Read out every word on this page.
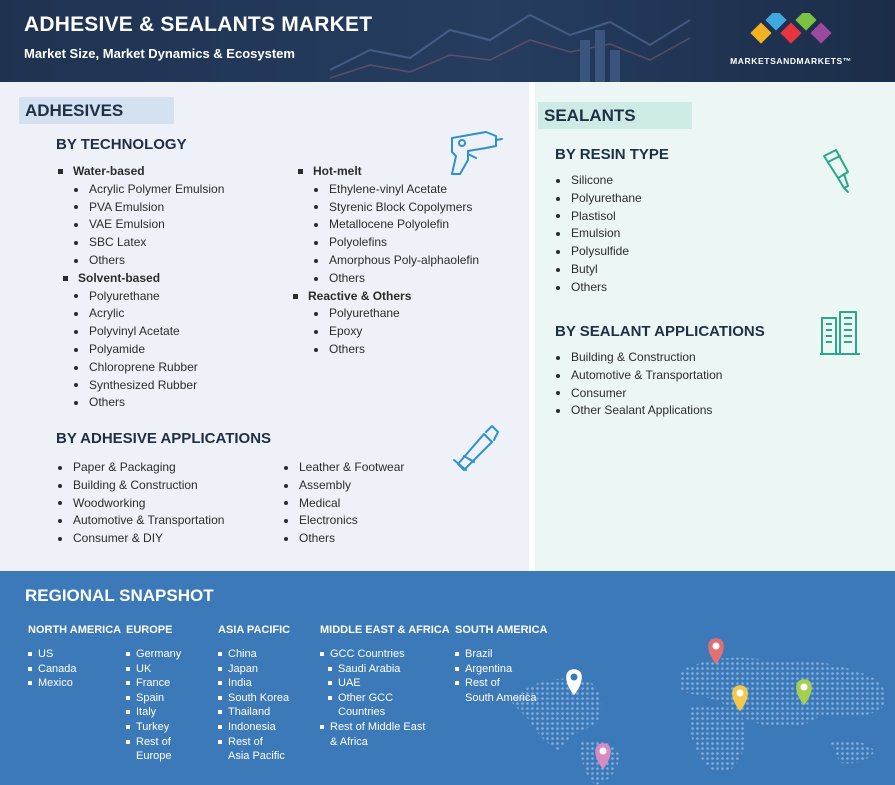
ADHESIVE & SEALANTS MARKET
Market Size, Market Dynamics & Ecosystem	MARKETSANDMARKETS™
ADHESIVES	SEALANTS
BY TECHNOLOGY
Water-based
Acrylic Polymer Emulsion
PVA Emulsion
VAE Emulsion
SBC Latex
Others
Solvent-based
Polyurethane
Acrylic
Polyvinyl Acetate
Polyamide
Chloroprene Rubber
Synthesized Rubber
Others
Hot-melt
Ethylene-vinyl Acetate
Styrenic Block Copolymers
Metallocene Polyolefin
Polyolefins
Amorphous Poly-alphaolefin
Others
Reactive & Others
Polyurethane
Epoxy
Others
BY ADHESIVE APPLICATIONS
Paper & Packaging
Building & Construction
Woodworking
Automotive & Transportation
Consumer & DIY
Leather & Footwear
Assembly
Medical
Electronics
Others
BY RESIN TYPE
Silicone
Polyurethane
Plastisol
Emulsion
Polysulfide
Butyl
Others
BY SEALANT APPLICATIONS
Building & Construction
Automotive & Transportation
Consumer
Other Sealant Applications
REGIONAL SNAPSHOT
NORTH AMERICA
US
Canada
Mexico
EUROPE
Germany
UK
France
Spain
Italy
Turkey
Rest of
Europe
ASIA PACIFIC
China
Japan
India
South Korea
Thailand
Indonesia
Rest of
Asia Pacific
MIDDLE EAST & AFRICA
GCC Countries
Saudi Arabia
UAE
Other GCC
Countries
Rest of Middle East
& Africa
SOUTH AMERICA
Brazil
Argentina
Rest of
South America
